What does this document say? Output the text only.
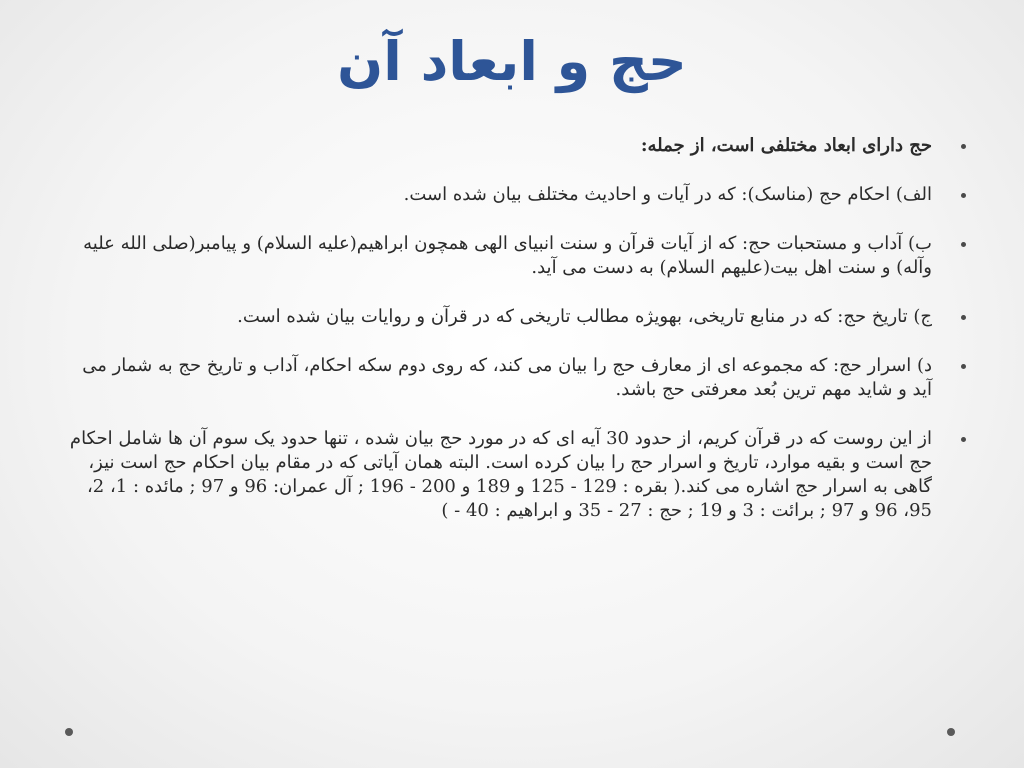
حج و ابعاد آن
حج دارای ابعاد مختلفی است، از جمله:
الف) احکام حج (مناسک): که در آیات و احادیث مختلف بیان شده است.
ب) آداب و مستحبات حج: که از آیات قرآن و سنت انبیای الهی همچون ابراهیم(علیه السلام) و پیامبر(صلی الله علیه وآله) و سنت اهل بیت(علیهم السلام) به دست می آید.
ج) تاریخ حج: که در منابع تاریخی، بهویژه مطالب تاریخی که در قرآن و روایات بیان شده است.
د) اسرار حج: که مجموعه ای از معارف حج را بیان می کند، که روی دوم سکه احکام، آداب و تاریخ حج به شمار می آید و شاید مهم ترین بُعد معرفتی حج باشد.
از این روست که در قرآن کریم، از حدود 30 آیه ای که در مورد حج بیان شده ، تنها حدود یک سوم آن ها شامل احکام حج است و بقیه موارد، تاریخ و اسرار حج را بیان کرده است. البته همان آیاتی که در مقام بیان احکام حج است نیز، گاهی به اسرار حج اشاره می کند.( بقره : 129 - 125 و 189 و 200 - 196 ; آل عمران: 96 و 97 ; مائده : 1، 2، 95، 96 و 97 ; برائت : 3 و 19 ; حج : 27 - 35 و ابراهیم : 40 - )
